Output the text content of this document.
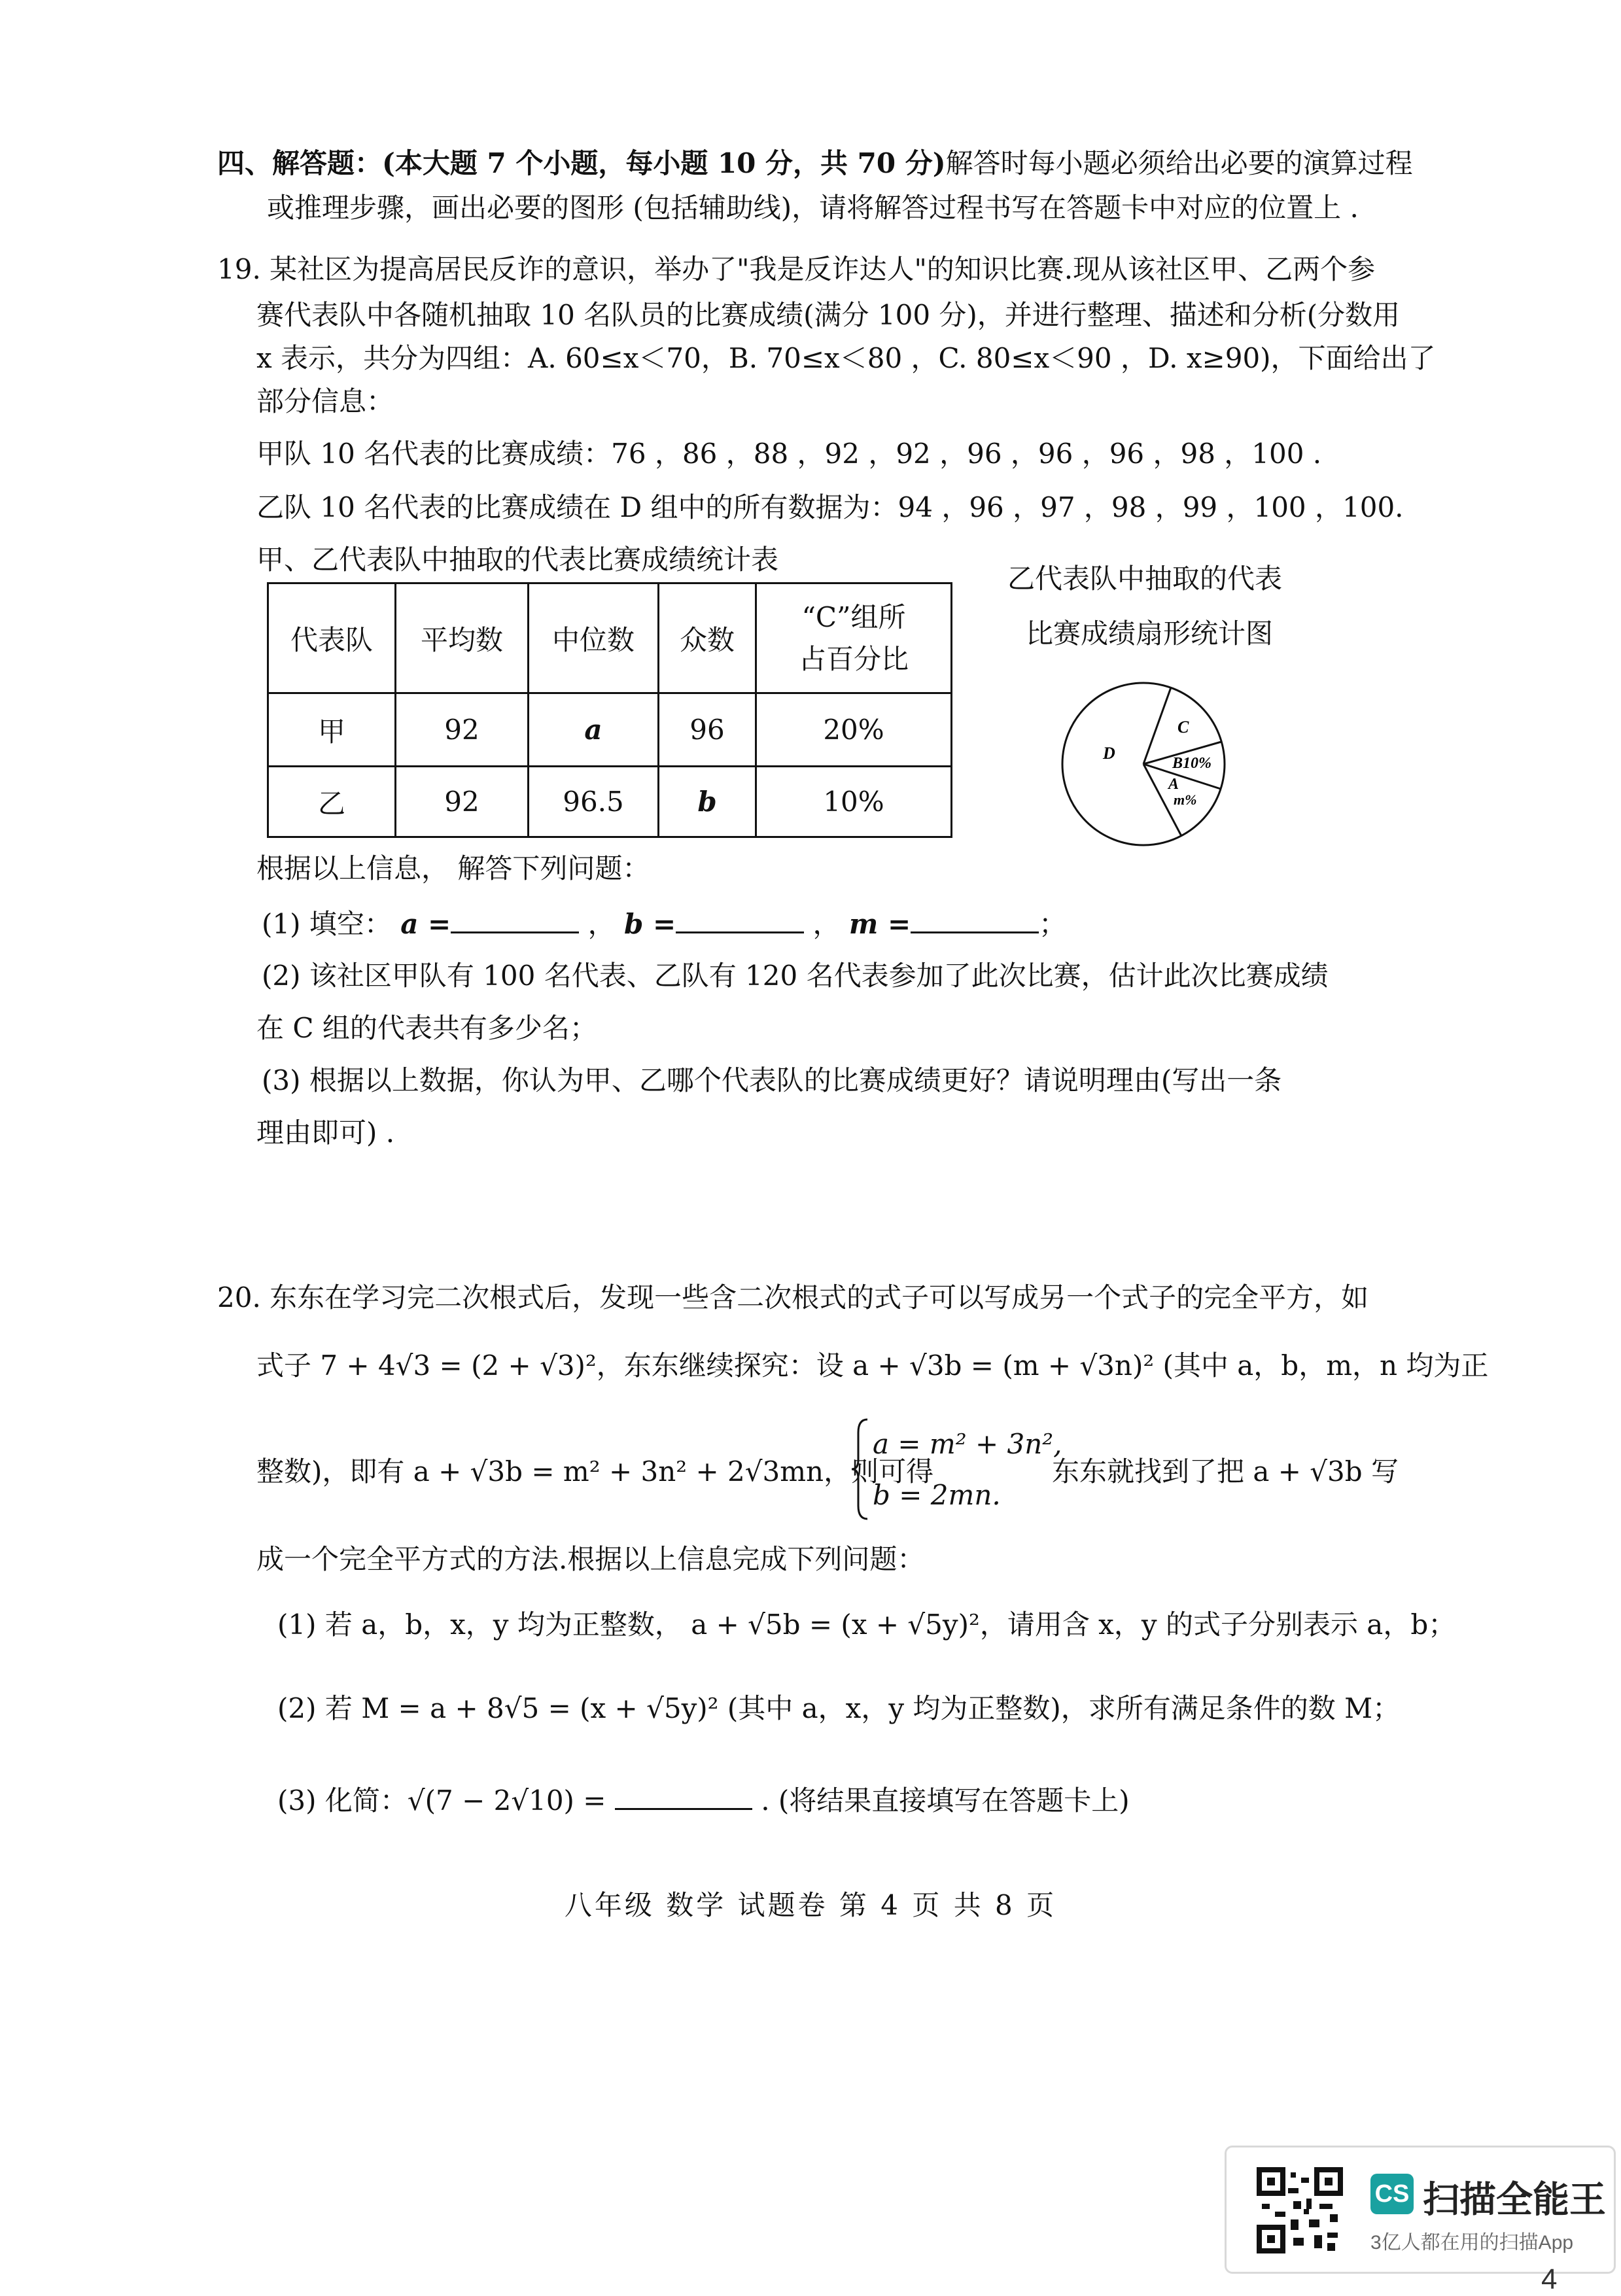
四、解答题：(本大题 7 个小题，每小题 10 分，共 70 分)解答时每小题必须给出必要的演算过程
或推理步骤，画出必要的图形 (包括辅助线)，请将解答过程书写在答题卡中对应的位置上 .
19. 某社区为提高居民反诈的意识，举办了"我是反诈达人"的知识比赛.现从该社区甲、乙两个参
赛代表队中各随机抽取 10 名队员的比赛成绩(满分 100 分)，并进行整理、描述和分析(分数用
x 表示，共分为四组：A. 60≤x＜70，B. 70≤x＜80 ，C. 80≤x＜90 ，D. x≥90)，下面给出了
部分信息：
甲队 10 名代表的比赛成绩：76 ，86 ，88 ，92 ，92 ，96 ，96 ，96 ，98 ，100 .
乙队 10 名代表的比赛成绩在 D 组中的所有数据为：94 ，96 ，97 ，98 ，99 ，100 ，100.
甲、乙代表队中抽取的代表比赛成绩统计表
代表队	平均数	中位数	众数	“C”组所
占百分比

甲	92	a	96	20%
乙	92	96.5	b	10%
乙代表队中抽取的代表
比赛成绩扇形统计图
D
C
B10%
A
m%
根据以上信息， 解答下列问题：
(1) 填空： a =	， b =	， m =	；
(2) 该社区甲队有 100 名代表、乙队有 120 名代表参加了此次比赛，估计此次比赛成绩
在 C 组的代表共有多少名；
(3) 根据以上数据，你认为甲、乙哪个代表队的比赛成绩更好？请说明理由(写出一条
理由即可) .
20. 东东在学习完二次根式后，发现一些含二次根式的式子可以写成另一个式子的完全平方，如
式子 7 + 4√3 = (2 + √3)²，东东继续探究：设 a + √3b = (m + √3n)² (其中 a，b，m，n 均为正
整数)，即有 a + √3b = m² + 3n² + 2√3mn，则可得
a = m² + 3n²,
b = 2mn.
东东就找到了把 a + √3b 写
成一个完全平方式的方法.根据以上信息完成下列问题：
(1) 若 a，b，x，y 均为正整数， a + √5b = (x + √5y)²，请用含 x，y 的式子分别表示 a，b；
(2) 若 M = a + 8√5 = (x + √5y)² (其中 a，x，y 均为正整数)，求所有满足条件的数 M；
(3) 化简：√(7 − 2√10) =	. (将结果直接填写在答题卡上)
八年级 数学 试题卷 第 4 页 共 8 页
CS 扫描全能王
3亿人都在用的扫描App
4
